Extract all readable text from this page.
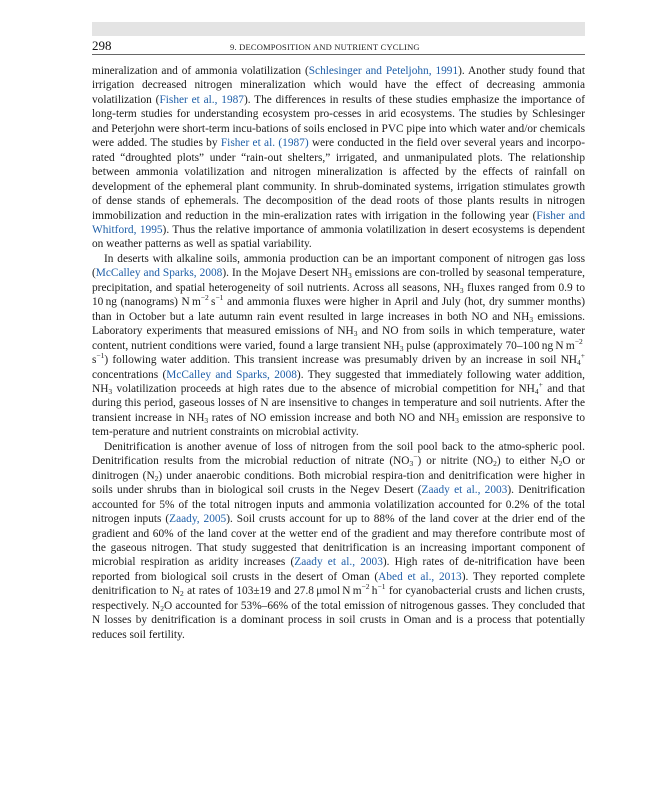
298	9. DECOMPOSITION AND NUTRIENT CYCLING

mineralization and of ammonia volatilization (Schlesinger and Peteljohn, 1991). Another study found that irrigation decreased nitrogen mineralization which would have the effect of decreasing ammonia volatilization (Fisher et al., 1987). The differences in results of these studies emphasize the importance of long-term studies for understanding ecosystem pro-cesses in arid ecosystems. The studies by Schlesinger and Peterjohn were short-term incu-bations of soils enclosed in PVC pipe into which water and/or chemicals were added. The studies by Fisher et al. (1987) were conducted in the field over several years and incorpo-rated “droughted plots” under “rain-out shelters,” irrigated, and unmanipulated plots. The relationship between ammonia volatilization and nitrogen mineralization is affected by the effects of rainfall on development of the ephemeral plant community. In shrub-dominated systems, irrigation stimulates growth of dense stands of ephemerals. The decomposition of the dead roots of those plants results in nitrogen immobilization and reduction in the min-eralization rates with irrigation in the following year (Fisher and Whitford, 1995). Thus the relative importance of ammonia volatilization in desert ecosystems is dependent on weather patterns as well as spatial variability.

In deserts with alkaline soils, ammonia production can be an important component of nitrogen gas loss (McCalley and Sparks, 2008). In the Mojave Desert $NH_3$ emissions are con-trolled by seasonal temperature, precipitation, and spatial heterogeneity of soil nutrients. Across all seasons, $NH_3$ fluxes ranged from 0.9 to 10 ng (nanograms) N $m^{-2}$ $s^{-1}$ and ammonia fluxes were higher in April and July (hot, dry summer months) than in October but a late autumn rain event resulted in large increases in both NO and $NH_3$ emissions. Laboratory experiments that measured emissions of $NH_3$ and NO from soils in which temperature, water content, nutrient conditions were varied, found a large transient $NH_3$ pulse (approximately 70–100 ng N $m^{-2}$ $s^{-1}$) following water addition. This transient increase was presumably driven by an increase in soil $NH_4^+$ concentrations (McCalley and Sparks, 2008). They suggested that immediately following water addition, $NH_3$ volatilization proceeds at high rates due to the absence of microbial competition for $NH_4^+$ and that during this period, gaseous losses of N are insensitive to changes in temperature and soil nutrients. After the transient increase in $NH_3$ rates of NO emission increase and both NO and $NH_3$ emission are responsive to tem-perature and nutrient constraints on microbial activity.

Denitrification is another avenue of loss of nitrogen from the soil pool back to the atmo-spheric pool. Denitrification results from the microbial reduction of nitrate $(NO_3^-)$ or nitrite $(NO_2)$ to either $N_2O$ or dinitrogen $(N_2)$ under anaerobic conditions. Both microbial respira-tion and denitrification were higher in soils under shrubs than in biological soil crusts in the Negev Desert (Zaady et al., 2003). Denitrification accounted for 5% of the total nitrogen inputs and ammonia volatilization accounted for 0.2% of the total nitrogen inputs (Zaady, 2005). Soil crusts account for up to 88% of the land cover at the drier end of the gradient and 60% of the land cover at the wetter end of the gradient and may therefore contribute most of the gaseous nitrogen. That study suggested that denitrification is an increasing important component of microbial respiration as aridity increases (Zaady et al., 2003). High rates of de-nitrification have been reported from biological soil crusts in the desert of Oman (Abed et al., 2013). They reported complete denitrification to $N_2$ at rates of 103±19 and 27.8 μmol N $m^{-2}$ $h^{-1}$ for cyanobacterial crusts and lichen crusts, respectively. $N_2O$ accounted for 53%–66% of the total emission of nitrogenous gasses. They concluded that N losses by denitrification is a dominant process in soil crusts in Oman and is a process that potentially reduces soil fertility.
